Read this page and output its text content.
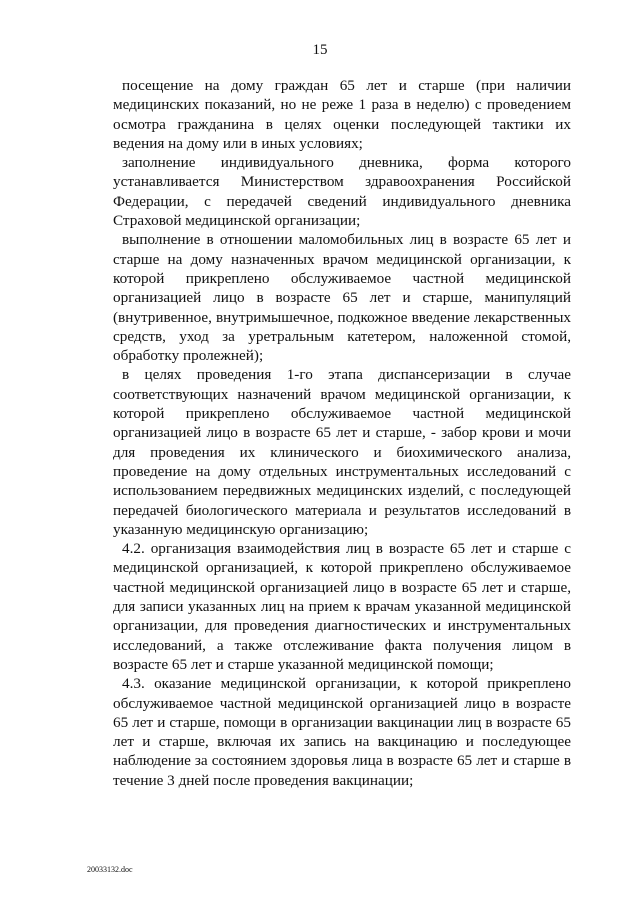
15

посещение на дому граждан 65 лет и старше (при наличии медицинских показаний, но не реже 1 раза в неделю) с проведением осмотра гражданина в целях оценки последующей тактики их ведения на дому или в иных условиях;

заполнение индивидуального дневника, форма которого устанавливается Министерством здравоохранения Российской Федерации, с передачей сведений индивидуального дневника Страховой медицинской организации;

выполнение в отношении маломобильных лиц в возрасте 65 лет и старше на дому назначенных врачом медицинской организации, к которой прикреплено обслуживаемое частной медицинской организацией лицо в возрасте 65 лет и старше, манипуляций (внутривенное, внутримышечное, подкожное введение лекарственных средств, уход за уретральным катетером, наложенной стомой, обработку пролежней);

в целях проведения 1-го этапа диспансеризации в случае соответствующих назначений врачом медицинской организации, к которой прикреплено обслуживаемое частной медицинской организацией лицо в возрасте 65 лет и старше, - забор крови и мочи для проведения их клинического и биохимического анализа, проведение на дому отдельных инструментальных исследований с использованием передвижных медицинских изделий, с последующей передачей биологического материала и результатов исследований в указанную медицинскую организацию;

4.2. организация взаимодействия лиц в возрасте 65 лет и старше с медицинской организацией, к которой прикреплено обслуживаемое частной медицинской организацией лицо в возрасте 65 лет и старше, для записи указанных лиц на прием к врачам указанной медицинской организации, для проведения диагностических и инструментальных исследований, а также отслеживание факта получения лицом в возрасте 65 лет и старше указанной медицинской помощи;

4.3. оказание медицинской организации, к которой прикреплено обслуживаемое частной медицинской организацией лицо в возрасте 65 лет и старше, помощи в организации вакцинации лиц в возрасте 65 лет и старше, включая их запись на вакцинацию и последующее наблюдение за состоянием здоровья лица в возрасте 65 лет и старше в течение 3 дней после проведения вакцинации;

20033132.doc
